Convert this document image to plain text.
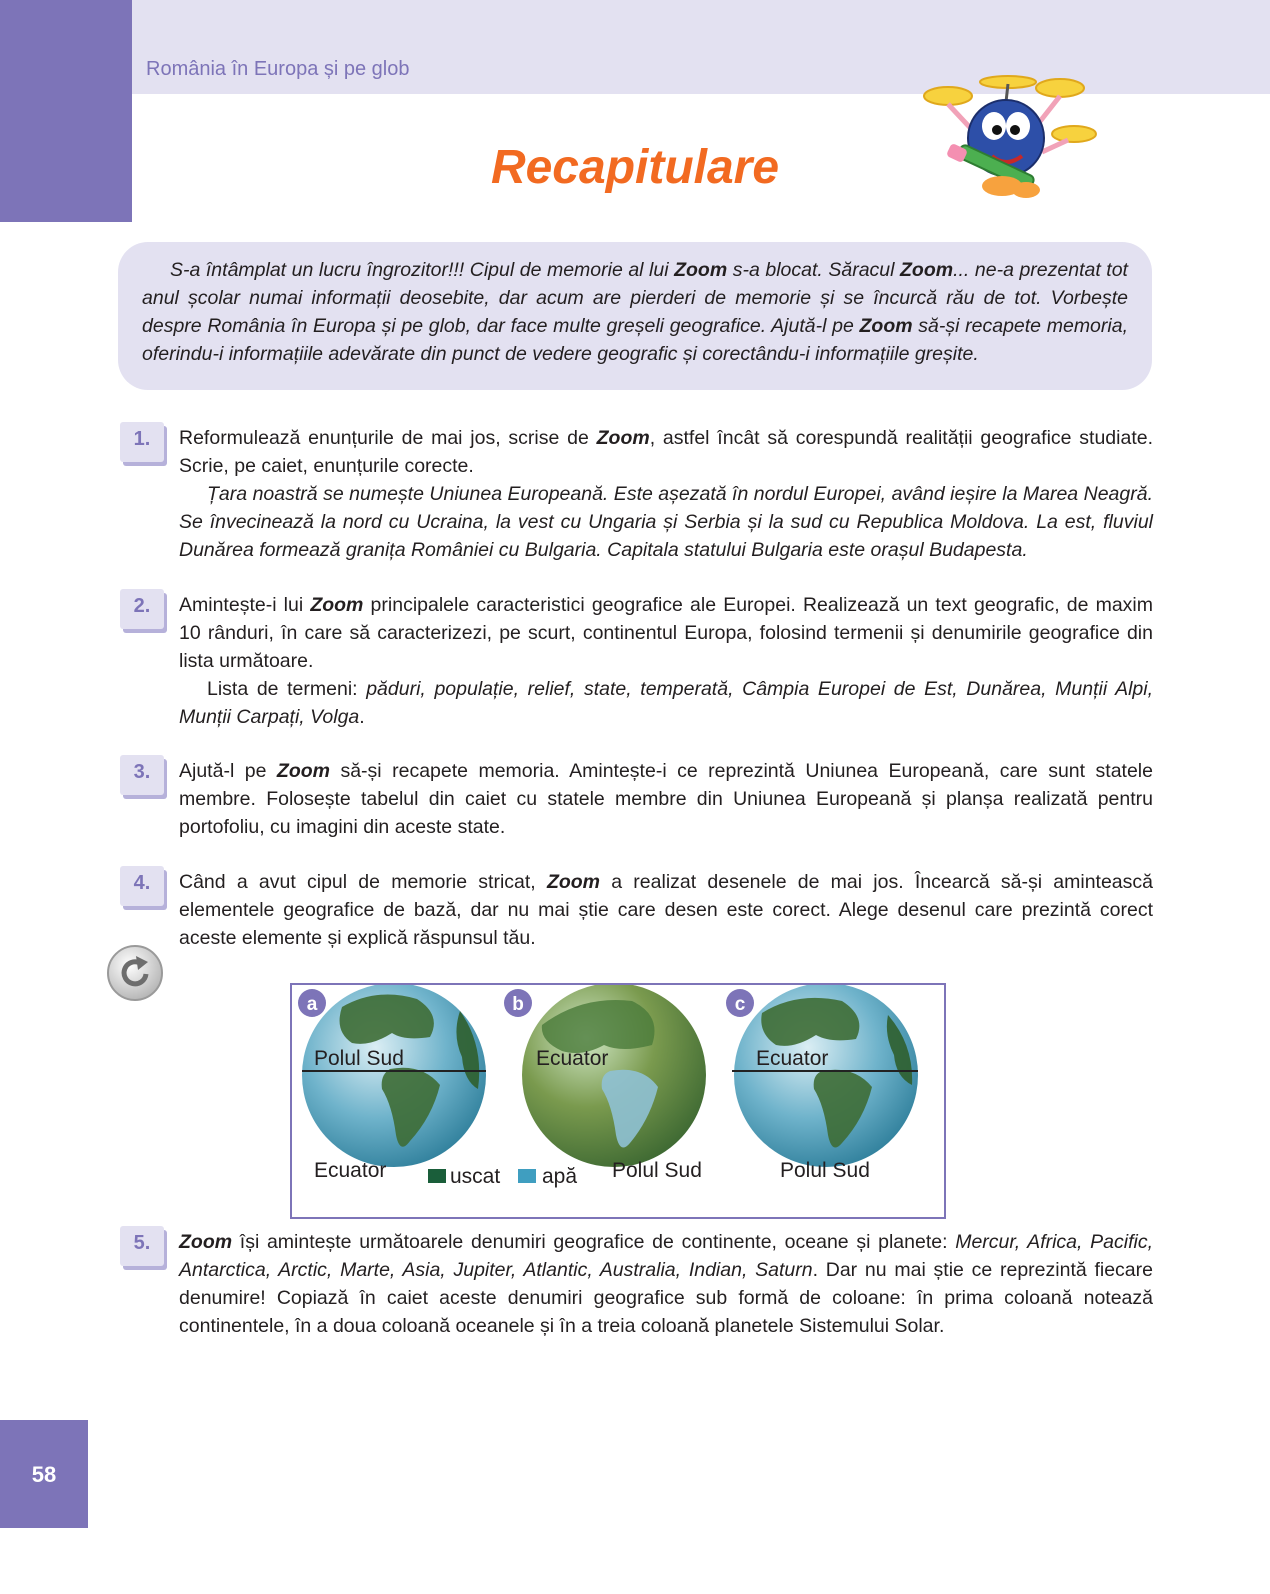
România în Europa și pe glob
Recapitulare

S-a întâmplat un lucru îngrozitor!!! Cipul de memorie al lui Zoom s-a blocat. Săracul Zoom... ne-a prezentat tot anul școlar numai informații deosebite, dar acum are pierderi de memorie și se încurcă rău de tot. Vorbește despre România în Europa și pe glob, dar face multe greșeli geografice. Ajută-l pe Zoom să-și recapete memoria, oferindu-i informațiile adevărate din punct de vedere geografic și corectându-i informațiile greșite.

1.	Reformulează enunțurile de mai jos, scrise de Zoom, astfel încât să corespundă realității geografice studiate. Scrie, pe caiet, enunțurile corecte.

Țara noastră se numește Uniunea Europeană. Este așezată în nordul Europei, având ieșire la Marea Neagră. Se învecinează la nord cu Ucraina, la vest cu Ungaria și Serbia și la sud cu Republica Moldova. La est, fluviul Dunărea formează granița României cu Bulgaria. Capitala statului Bulgaria este orașul Budapesta.

2.	Amintește-i lui Zoom principalele caracteristici geografice ale Europei. Realizează un text geografic, de maxim 10 rânduri, în care să caracterizezi, pe scurt, continentul Europa, folosind termenii și denumirile geografice din lista următoare.

Lista de termeni: păduri, populație, relief, state, temperată, Câmpia Europei de Est, Dunărea, Munții Alpi, Munții Carpați, Volga.

3.	Ajută-l pe Zoom să-și recapete memoria. Amintește-i ce reprezintă Uniunea Europeană, care sunt statele membre. Folosește tabelul din caiet cu statele membre din Uniunea Europeană și planșa realizată pentru portofoliu, cu imagini din aceste state.

4.	Când a avut cipul de memorie stricat, Zoom a realizat desenele de mai jos. Încearcă să-și amintească elementele geografice de bază, dar nu mai știe care desen este corect. Alege desenul care prezintă corect aceste elemente și explică răspunsul tău.

a
Polul Sud
Ecuator
b
Ecuator
Polul Sud
c
Ecuator
Polul Sud
uscat apă
5.	Zoom își amintește următoarele denumiri geografice de continente, oceane și planete: Mercur, Africa, Pacific, Antarctica, Arctic, Marte, Asia, Jupiter, Atlantic, Australia, Indian, Saturn. Dar nu mai știe ce reprezintă fiecare denumire! Copiază în caiet aceste denumiri geografice sub formă de coloane: în prima coloană notează continentele, în a doua coloană oceanele și în a treia coloană planetele Sistemului Solar.

58
